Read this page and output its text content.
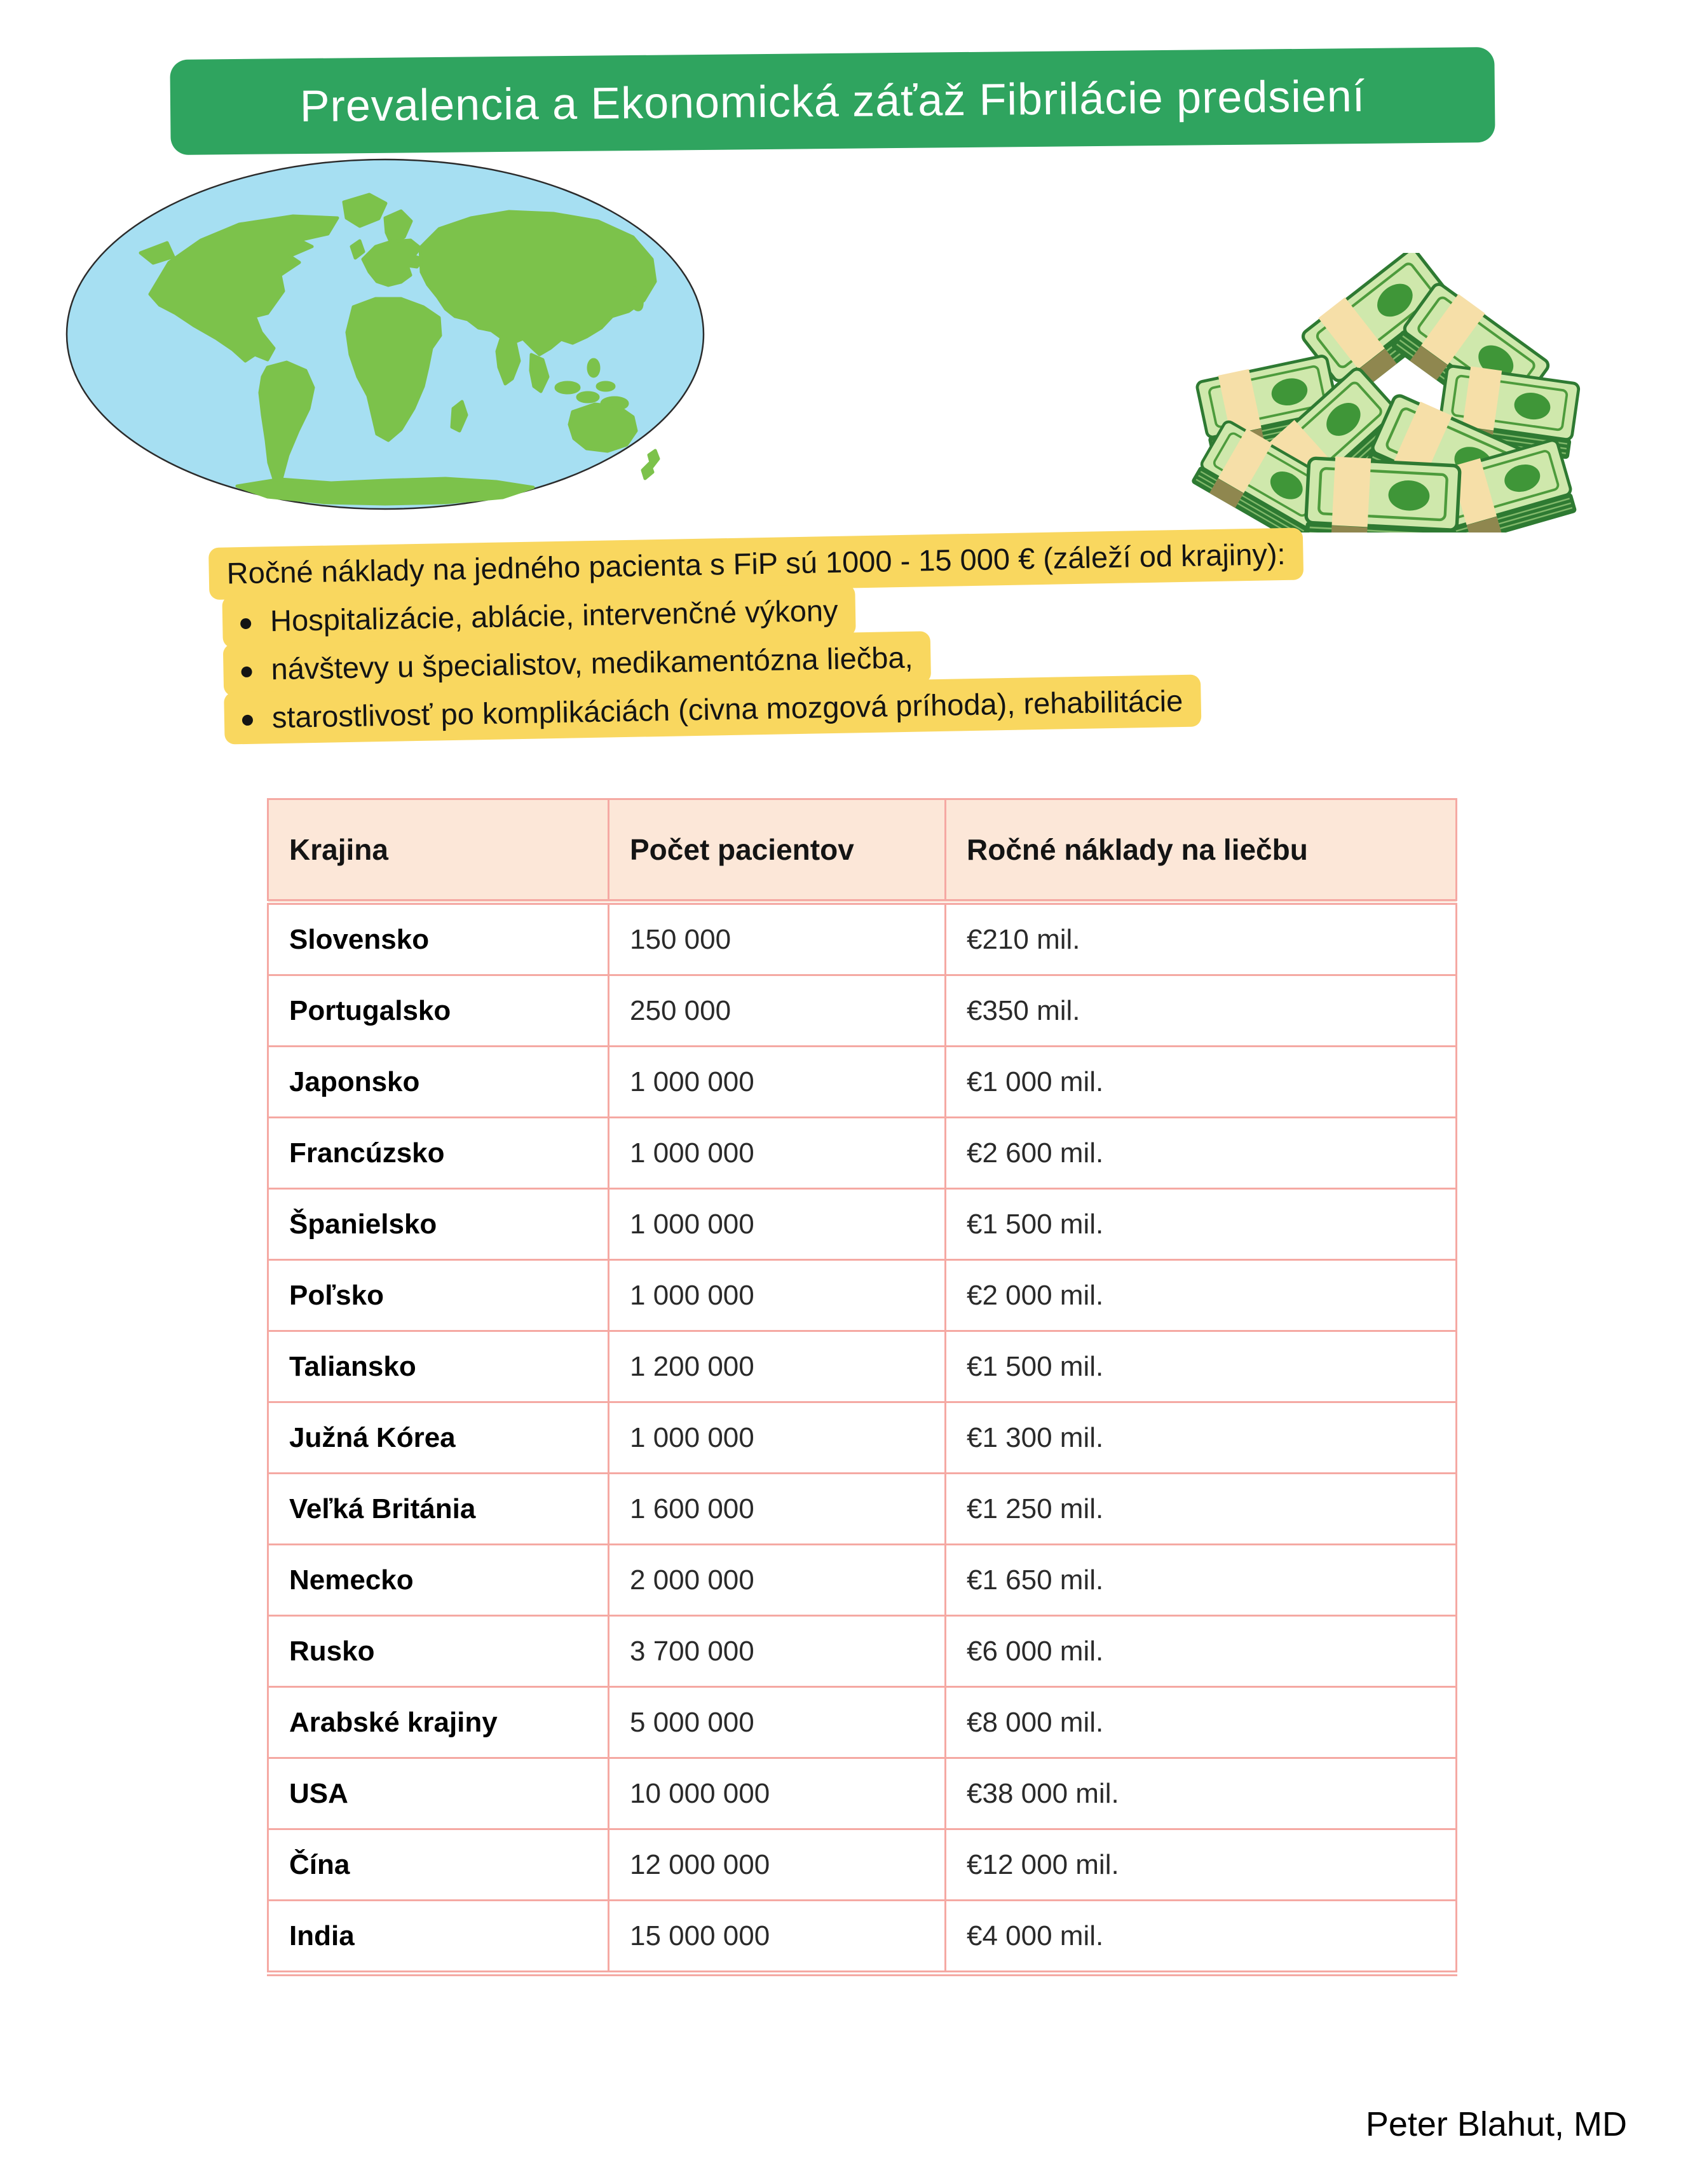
Prevalencia a Ekonomická záťaž Fibrilácie predsiení

Ročné náklady na jedného pacienta s FiP sú 1000 - 15 000 € (záleží od krajiny):

Hospitalizácie, ablácie, intervenčné výkony
návštevy u špecialistov, medikamentózna liečba,
starostlivosť po komplikáciách (civna mozgová príhoda), rehabilitácie
Krajina	Počet pacientov	Ročné náklady na liečbu
Slovensko	150 000	€210 mil.
Portugalsko	250 000	€350 mil.
Japonsko	1 000 000	€1 000 mil.
Francúzsko	1 000 000	€2 600 mil.
Španielsko	1 000 000	€1 500 mil.
Poľsko	1 000 000	€2 000 mil.
Taliansko	1 200 000	€1 500 mil.
Južná Kórea	1 000 000	€1 300 mil.
Veľká Británia	1 600 000	€1 250 mil.
Nemecko	2 000 000	€1 650 mil.
Rusko	3 700 000	€6 000 mil.
Arabské krajiny	5 000 000	€8 000 mil.
USA	10 000 000	€38 000 mil.
Čína	12 000 000	€12 000 mil.
India	15 000 000	€4 000 mil.
Peter Blahut, MD
